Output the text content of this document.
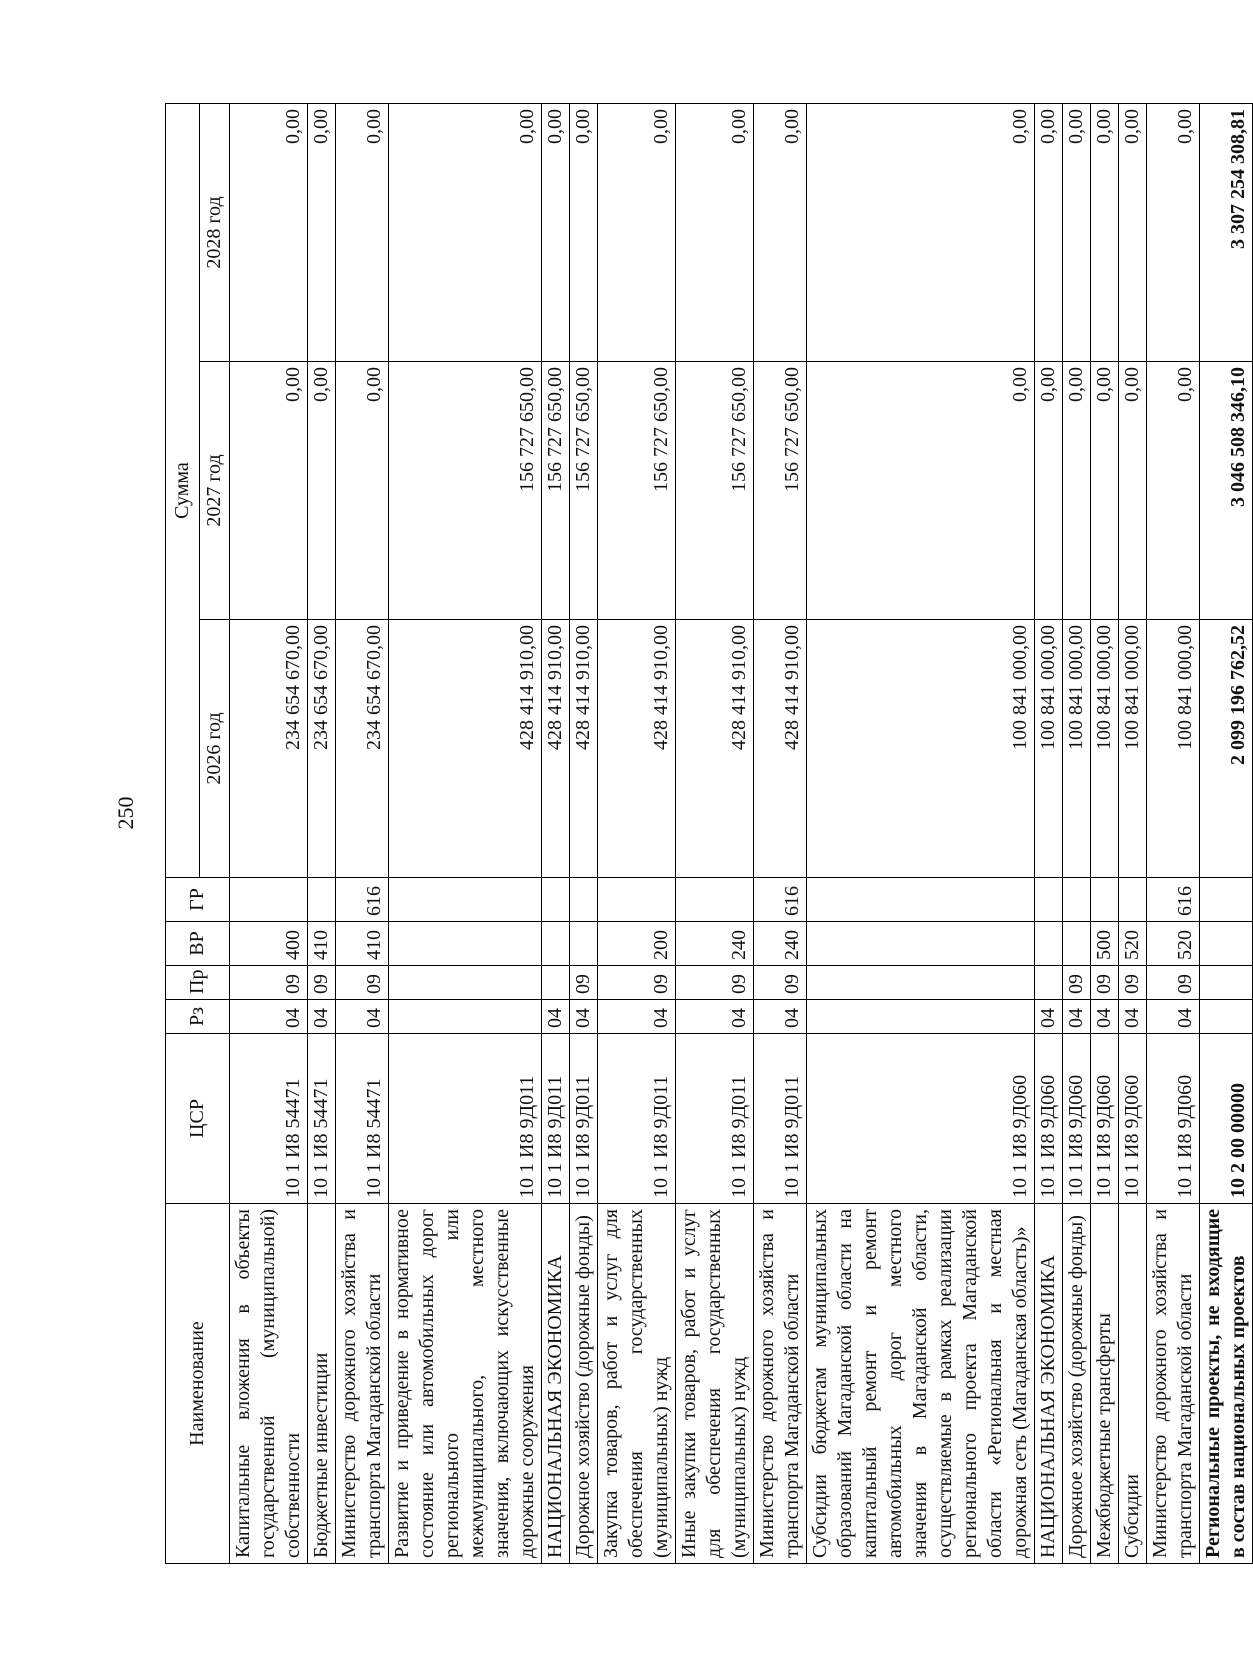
250
Наименование	ЦСР	Рз	Пр	ВР	ГР	Сумма		
						2026 год	2027 год	2028 год
Капитальные вложения в объекты государственной (муниципальной) собственности	10 1 И8 54471	04	09	400		234 654 670,00	0,00	0,00
Бюджетные инвестиции	10 1 И8 54471	04	09	410		234 654 670,00	0,00	0,00
Министерство дорожного хозяйства и транспорта Магаданской области	10 1 И8 54471	04	09	410	616	234 654 670,00	0,00	0,00
Развитие и приведение в нормативное состояние или автомобильных дорог регионального или межмуниципального, местного значения, включающих искусственные дорожные сооружения	10 1 И8 9Д011					428 414 910,00	156 727 650,00	0,00
НАЦИОНАЛЬНАЯ ЭКОНОМИКА	10 1 И8 9Д011	04				428 414 910,00	156 727 650,00	0,00
Дорожное хозяйство (дорожные фонды)	10 1 И8 9Д011	04	09			428 414 910,00	156 727 650,00	0,00
Закупка товаров, работ и услуг для обеспечения государственных (муниципальных) нужд	10 1 И8 9Д011	04	09	200		428 414 910,00	156 727 650,00	0,00
Иные закупки товаров, работ и услуг для обеспечения государственных (муниципальных) нужд	10 1 И8 9Д011	04	09	240		428 414 910,00	156 727 650,00	0,00
Министерство дорожного хозяйства и транспорта Магаданской области	10 1 И8 9Д011	04	09	240	616	428 414 910,00	156 727 650,00	0,00
Субсидии бюджетам муниципальных образований Магаданской области на капитальный ремонт и ремонт автомобильных дорог местного значения в Магаданской области, осуществляемые в рамках реализации регионального проекта Магаданской области «Региональная и местная дорожная сеть (Магаданская область)»	10 1 И8 9Д060					100 841 000,00	0,00	0,00
НАЦИОНАЛЬНАЯ ЭКОНОМИКА	10 1 И8 9Д060	04				100 841 000,00	0,00	0,00
Дорожное хозяйство (дорожные фонды)	10 1 И8 9Д060	04	09			100 841 000,00	0,00	0,00
Межбюджетные трансферты	10 1 И8 9Д060	04	09	500		100 841 000,00	0,00	0,00
Субсидии	10 1 И8 9Д060	04	09	520		100 841 000,00	0,00	0,00
Министерство дорожного хозяйства и транспорта Магаданской области	10 1 И8 9Д060	04	09	520	616	100 841 000,00	0,00	0,00
Региональные проекты, не входящие в состав национальных проектов	10 2 00 00000					2 099 196 762,52	3 046 508 346,10	3 307 254 308,81
